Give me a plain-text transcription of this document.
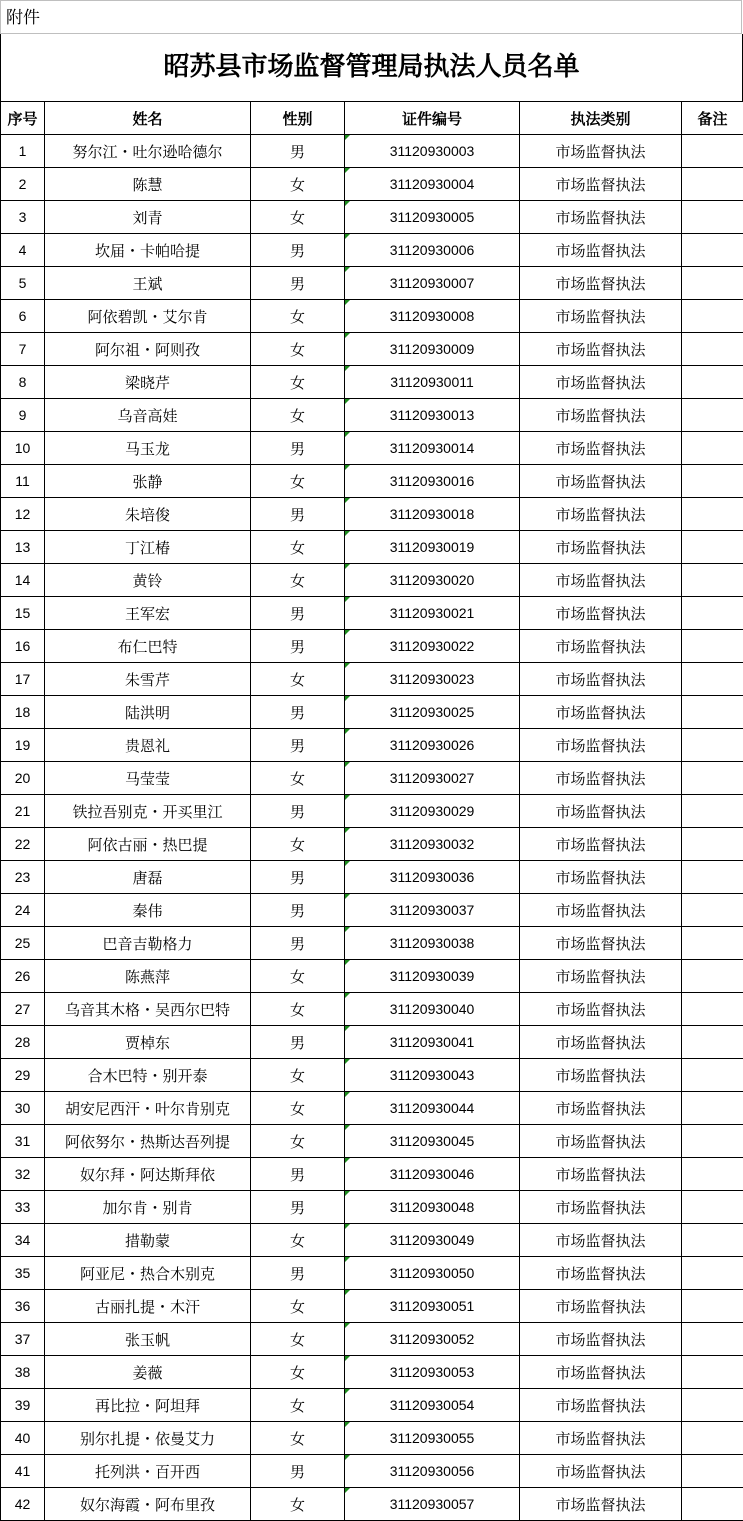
附件
昭苏县市场监督管理局执法人员名单
序号	姓名	性别	证件编号	执法类别	备注
1	努尔江・吐尔逊哈德尔	男	31120930003	市场监督执法	
2	陈慧	女	31120930004	市场监督执法	
3	刘青	女	31120930005	市场监督执法	
4	坎届・卡帕哈提	男	31120930006	市场监督执法	
5	王斌	男	31120930007	市场监督执法	
6	阿依碧凯・艾尔肯	女	31120930008	市场监督执法	
7	阿尔祖・阿则孜	女	31120930009	市场监督执法	
8	梁晓芹	女	31120930011	市场监督执法	
9	乌音高娃	女	31120930013	市场监督执法	
10	马玉龙	男	31120930014	市场监督执法	
11	张静	女	31120930016	市场监督执法	
12	朱培俊	男	31120930018	市场监督执法	
13	丁江椿	女	31120930019	市场监督执法	
14	黄铃	女	31120930020	市场监督执法	
15	王军宏	男	31120930021	市场监督执法	
16	布仁巴特	男	31120930022	市场监督执法	
17	朱雪芹	女	31120930023	市场监督执法	
18	陆洪明	男	31120930025	市场监督执法	
19	贵恩礼	男	31120930026	市场监督执法	
20	马莹莹	女	31120930027	市场监督执法	
21	铁拉吾别克・开买里江	男	31120930029	市场监督执法	
22	阿依古丽・热巴提	女	31120930032	市场监督执法	
23	唐磊	男	31120930036	市场监督执法	
24	秦伟	男	31120930037	市场监督执法	
25	巴音吉勒格力	男	31120930038	市场监督执法	
26	陈燕萍	女	31120930039	市场监督执法	
27	乌音其木格・吴西尔巴特	女	31120930040	市场监督执法	
28	贾棹东	男	31120930041	市场监督执法	
29	合木巴特・别开泰	女	31120930043	市场监督执法	
30	胡安尼西汗・叶尔肯别克	女	31120930044	市场监督执法	
31	阿依努尔・热斯达吾列提	女	31120930045	市场监督执法	
32	奴尔拜・阿达斯拜依	男	31120930046	市场监督执法	
33	加尔肯・别肯	男	31120930048	市场监督执法	
34	措勒蒙	女	31120930049	市场监督执法	
35	阿亚尼・热合木别克	男	31120930050	市场监督执法	
36	古丽扎提・木汗	女	31120930051	市场监督执法	
37	张玉帆	女	31120930052	市场监督执法	
38	姜薇	女	31120930053	市场监督执法	
39	再比拉・阿坦拜	女	31120930054	市场监督执法	
40	别尔扎提・依曼艾力	女	31120930055	市场监督执法	
41	托列洪・百开西	男	31120930056	市场监督执法	
42	奴尔海霞・阿布里孜	女	31120930057	市场监督执法	
